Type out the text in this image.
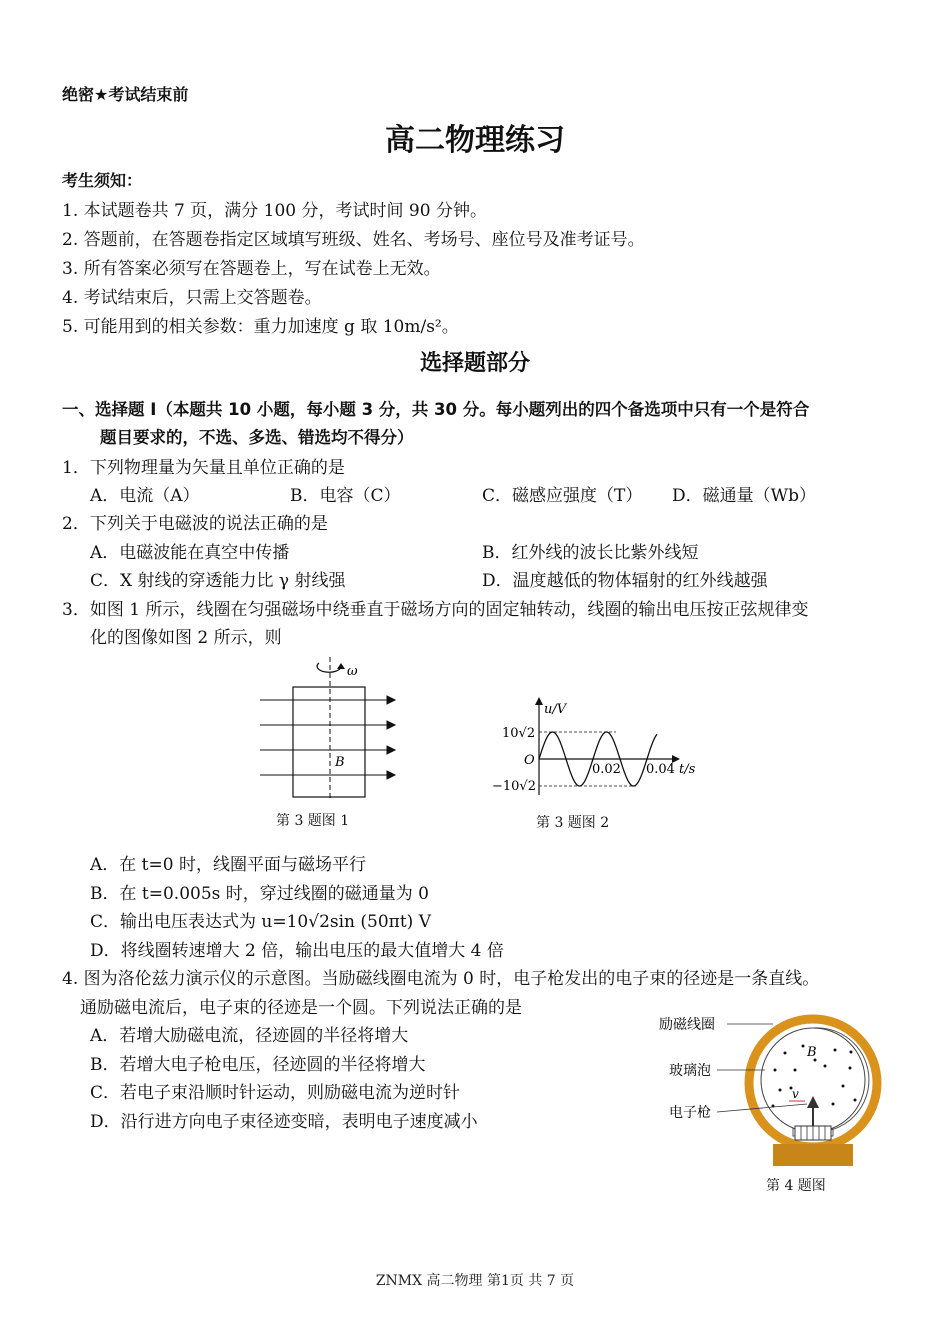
绝密★考试结束前
高二物理练习
考生须知：
1. 本试题卷共 7 页，满分 100 分，考试时间 90 分钟。
2. 答题前，在答题卷指定区域填写班级、姓名、考场号、座位号及准考证号。
3. 所有答案必须写在答题卷上，写在试卷上无效。
4. 考试结束后，只需上交答题卷。
5. 可能用到的相关参数：重力加速度 g 取 10m/s²。
选择题部分
一、选择题 I（本题共 10 小题，每小题 3 分，共 30 分。每小题列出的四个备选项中只有一个是符合
题目要求的，不选、多选、错选均不得分）
1．下列物理量为矢量且单位正确的是
A．电流（A）	B．电容（C）	C．磁感应强度（T） D．磁通量（Wb）
2．下列关于电磁波的说法正确的是
A．电磁波能在真空中传播	B．红外线的波长比紫外线短
C．X 射线的穿透能力比 γ 射线强	D．温度越低的物体辐射的红外线越强
3．如图 1 所示，线圈在匀强磁场中绕垂直于磁场方向的固定轴转动，线圈的输出电压按正弦规律变
化的图像如图 2 所示，则
ω
B
第 3 题图 1
u/V
t/s
10√2
O
−10√2
0.02 0.04
第 3 题图 2
A．在 t=0 时，线圈平面与磁场平行
B．在 t=0.005s 时，穿过线圈的磁通量为 0
C．输出电压表达式为 u=10√2sin (50πt) V
D．将线圈转速增大 2 倍，输出电压的最大值增大 4 倍
4. 图为洛伦兹力演示仪的示意图。当励磁线圈电流为 0 时，电子枪发出的电子束的径迹是一条直线。
通励磁电流后，电子束的径迹是一个圆。下列说法正确的是
A．若增大励磁电流，径迹圆的半径将增大
B．若增大电子枪电压，径迹圆的半径将增大
C．若电子束沿顺时针运动，则励磁电流为逆时针
D．沿行进方向电子束径迹变暗，表明电子速度减小
B
v
励磁线圈
玻璃泡
电子枪
第 4 题图
ZNMX 高二物理 第1页 共 7 页
